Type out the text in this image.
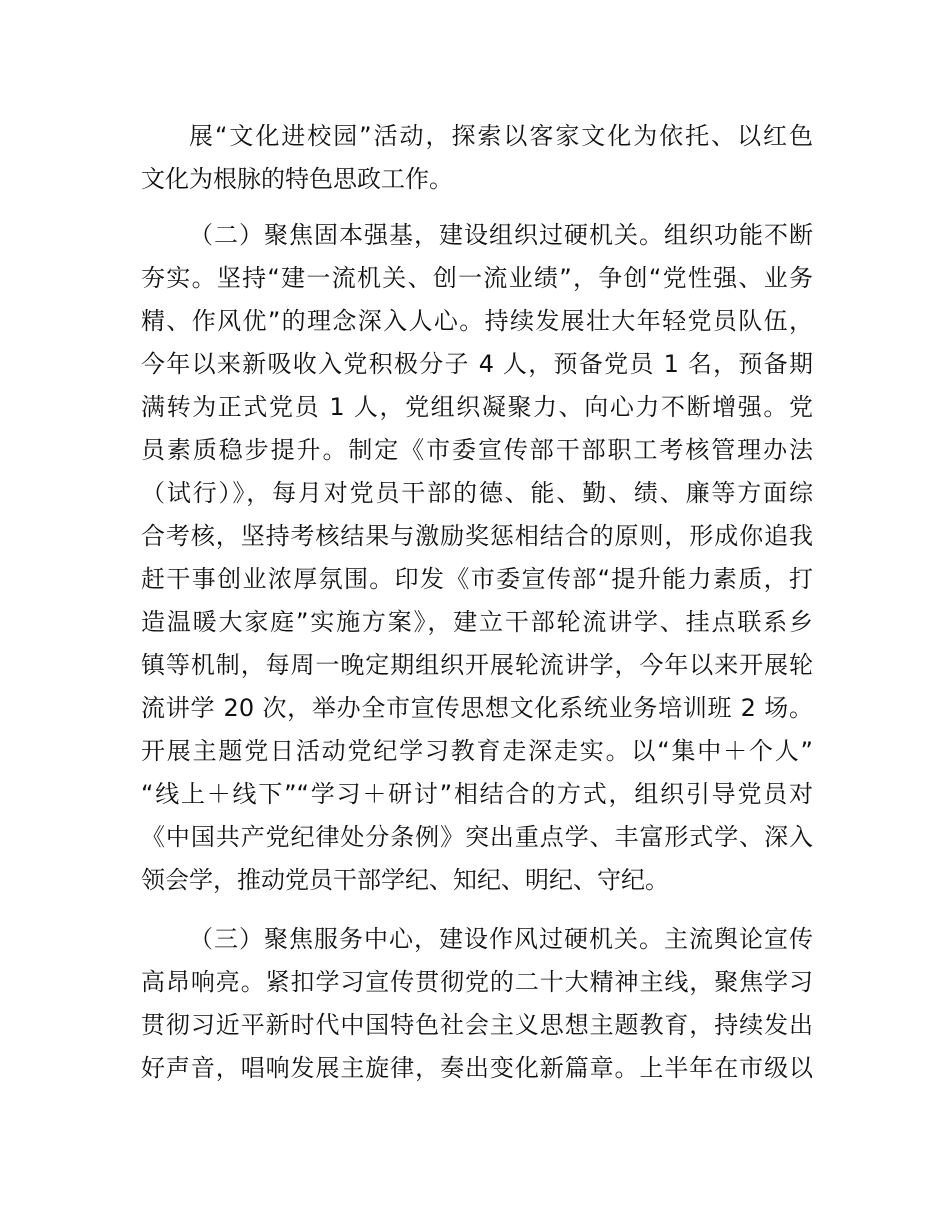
展“文化进校园”活动，探索以客家文化为依托、以红色
文化为根脉的特色思政工作。
（二）聚焦固本强基，建设组织过硬机关。组织功能不断
夯实。坚持“建一流机关、创一流业绩”，争创“党性强、业务
精、作风优”的理念深入人心。持续发展壮大年轻党员队伍，
今年以来新吸收入党积极分子 4 人，预备党员 1 名，预备期
满转为正式党员 1 人，党组织凝聚力、向心力不断增强。党
员素质稳步提升。制定《市委宣传部干部职工考核管理办法
（试行）》，每月对党员干部的德、能、勤、绩、廉等方面综
合考核，坚持考核结果与激励奖惩相结合的原则，形成你追我
赶干事创业浓厚氛围。印发《市委宣传部“提升能力素质，打
造温暖大家庭”实施方案》，建立干部轮流讲学、挂点联系乡
镇等机制，每周一晚定期组织开展轮流讲学，今年以来开展轮
流讲学 20 次，举办全市宣传思想文化系统业务培训班 2 场。
开展主题党日活动党纪学习教育走深走实。以“集中＋个人”
“线上＋线下”“学习＋研讨”相结合的方式，组织引导党员对
《中国共产党纪律处分条例》突出重点学、丰富形式学、深入
领会学，推动党员干部学纪、知纪、明纪、守纪。
（三）聚焦服务中心，建设作风过硬机关。主流舆论宣传
高昂响亮。紧扣学习宣传贯彻党的二十大精神主线，聚焦学习
贯彻习近平新时代中国特色社会主义思想主题教育，持续发出
好声音，唱响发展主旋律，奏出变化新篇章。上半年在市级以
